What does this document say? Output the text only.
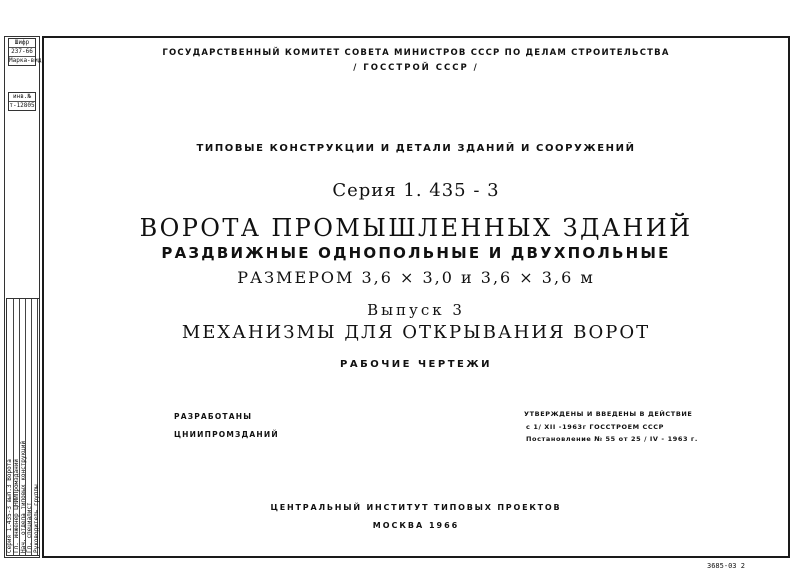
Шифр
237-66
Марка-вид
инв.№
т-12805
Серия 1.435-3 вып.3 Ворота Гл. инженер ЦНИИПромзданий Нач. отдела типовых конструкций Гл. специалист Руководитель группы
ГОСУДАРСТВЕННЫЙ КОМИТЕТ СОВЕТА МИНИСТРОВ СССР ПО ДЕЛАМ СТРОИТЕЛЬСТВА
/ ГОССТРОЙ СССР /
ТИПОВЫЕ КОНСТРУКЦИИ И ДЕТАЛИ ЗДАНИЙ И СООРУЖЕНИЙ
Серия 1. 435 - 3
ВОРОТА ПРОМЫШЛЕННЫХ ЗДАНИЙ
РАЗДВИЖНЫЕ ОДНОПОЛЬНЫЕ И ДВУХПОЛЬНЫЕ
РАЗМЕРОМ 3,6 × 3,0 и 3,6 × 3,6 м
Выпуск 3
МЕХАНИЗМЫ ДЛЯ ОТКРЫВАНИЯ ВОРОТ
РАБОЧИЕ ЧЕРТЕЖИ
РАЗРАБОТАНЫ
ЦНИИПРОМЗДАНИЙ
УТВЕРЖДЕНЫ И ВВЕДЕНЫ В ДЕЙСТВИЕ
с 1/ XII -1963г ГОССТРОЕМ СССР
Постановление № 55 от 25 / IV - 1963 г.
ЦЕНТРАЛЬНЫЙ ИНСТИТУТ ТИПОВЫХ ПРОЕКТОВ
МОСКВА 1966
3685-03 2
